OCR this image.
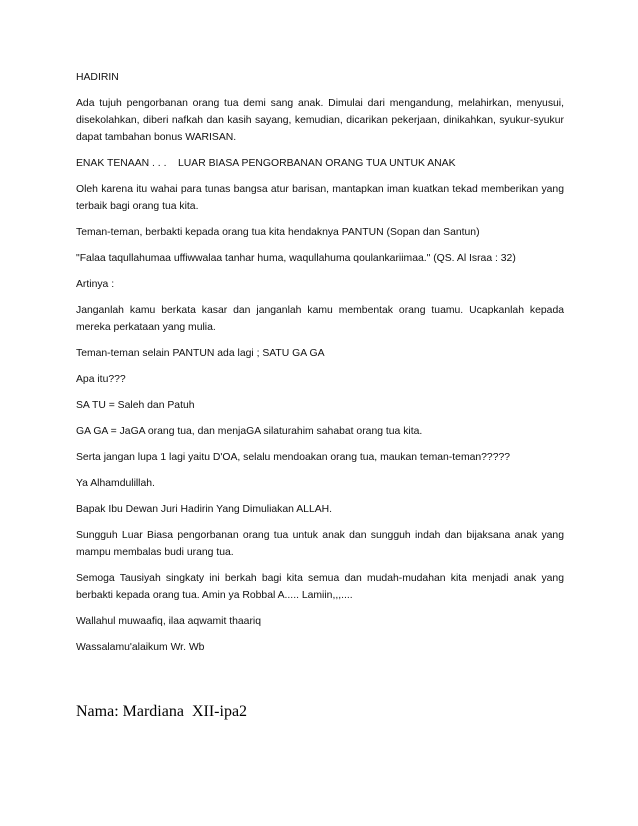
HADIRIN

Ada tujuh pengorbanan orang tua demi sang anak. Dimulai dari mengandung, melahirkan, menyusui, disekolahkan, diberi nafkah dan kasih sayang, kemudian, dicarikan pekerjaan, dinikahkan, syukur-syukur dapat tambahan bonus WARISAN.

ENAK TENAAN . . .    LUAR BIASA PENGORBANAN ORANG TUA UNTUK ANAK

Oleh karena itu wahai para tunas bangsa atur barisan, mantapkan iman kuatkan tekad memberikan yang terbaik bagi orang tua kita.

Teman-teman, berbakti kepada orang tua kita hendaknya PANTUN (Sopan dan Santun)

"Falaa taqullahumaa uffiwwalaa tanhar huma, waqullahuma qoulankariimaa." (QS. Al Israa : 32)

Artinya :

Janganlah kamu berkata kasar dan janganlah kamu membentak orang tuamu. Ucapkanlah kepada mereka perkataan yang mulia.

Teman-teman selain PANTUN ada lagi ; SATU GA GA

Apa itu???

SA TU = Saleh dan Patuh

GA GA = JaGA orang tua, dan menjaGA silaturahim sahabat orang tua kita.

Serta jangan lupa 1 lagi yaitu D'OA, selalu mendoakan orang tua, maukan teman-teman?????

Ya Alhamdulillah.

Bapak Ibu Dewan Juri Hadirin Yang Dimuliakan ALLAH.

Sungguh Luar Biasa pengorbanan orang tua untuk anak dan sungguh indah dan bijaksana anak yang mampu membalas budi urang tua.

Semoga Tausiyah singkaty ini berkah bagi kita semua dan mudah-mudahan kita menjadi anak yang berbakti kepada orang tua. Amin ya Robbal A..... Lamiin,,,....

Wallahul muwaafiq, ilaa aqwamit thaariq

Wassalamu'alaikum Wr. Wb

Nama: Mardiana  XII-ipa2
